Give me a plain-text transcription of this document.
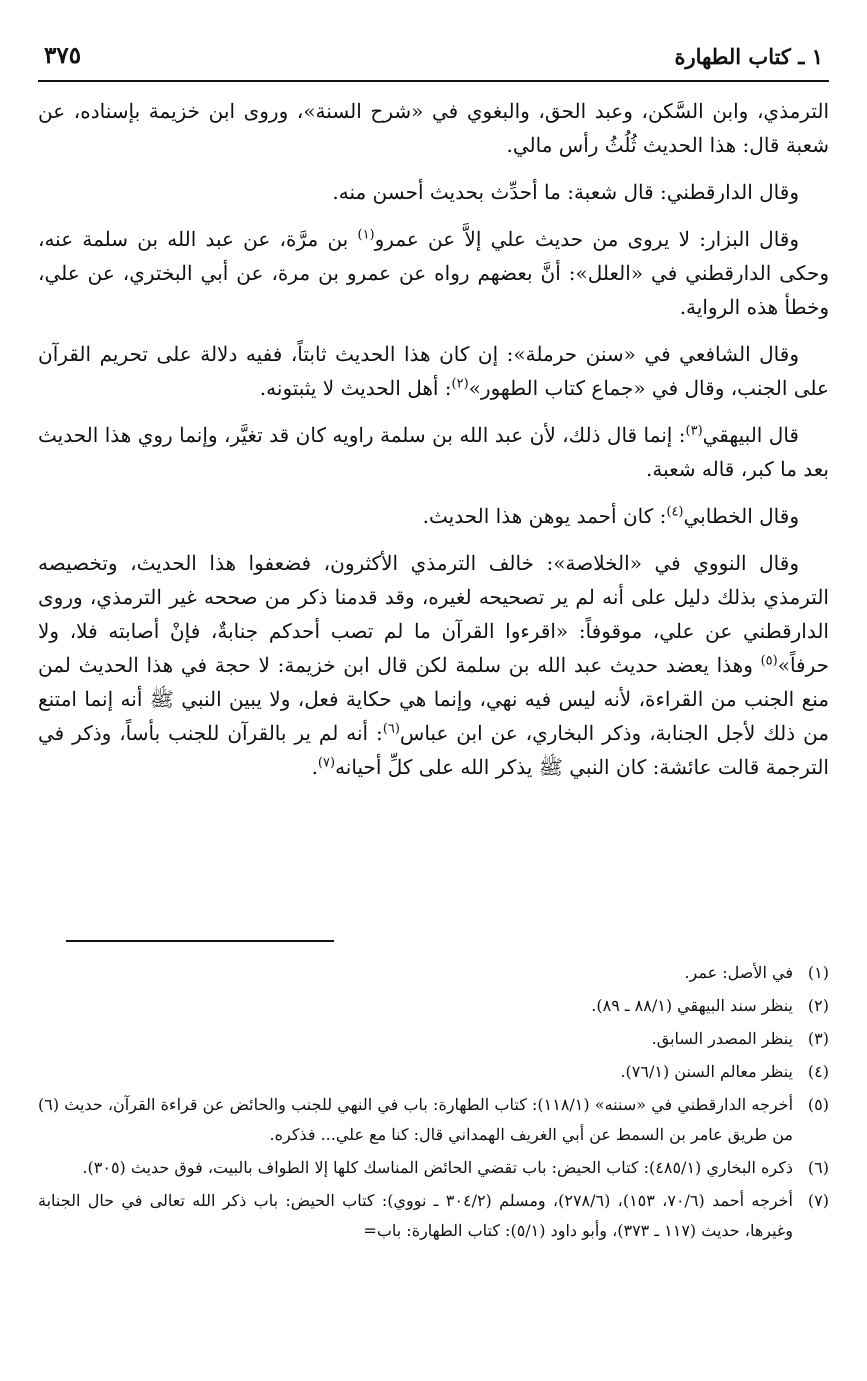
١ ـ كتاب الطهارة
٣٧٥

الترمذي، وابن السَّكن، وعبد الحق، والبغوي في «شرح السنة»، وروى ابن خزيمة بإسناده، عن شعبة قال: هذا الحديث ثُلُثُ رأس مالي.

وقال الدارقطني: قال شعبة: ما أحدِّث بحديث أحسن منه.

وقال البزار: لا يروى من حديث علي إلاَّ عن عمرو$^{(١)}$ بن مرَّة، عن عبد الله بن سلمة عنه، وحكى الدارقطني في «العلل»: أنَّ بعضهم رواه عن عمرو بن مرة، عن أبي البختري، عن علي، وخطأ هذه الرواية.

وقال الشافعي في «سنن حرملة»: إن كان هذا الحديث ثابتاً، ففيه دلالة على تحريم القرآن على الجنب، وقال في «جماع كتاب الطهور»$^{(٢)}$: أهل الحديث لا يثبتونه.

قال البيهقي$^{(٣)}$: إنما قال ذلك، لأن عبد الله بن سلمة راويه كان قد تغيَّر، وإنما روي هذا الحديث بعد ما كبر، قاله شعبة.

وقال الخطابي$^{(٤)}$: كان أحمد يوهن هذا الحديث.

وقال النووي في «الخلاصة»: خالف الترمذي الأكثرون، فضعفوا هذا الحديث، وتخصيصه الترمذي بذلك دليل على أنه لم ير تصحيحه لغيره، وقد قدمنا ذكر من صححه غير الترمذي، وروى الدارقطني عن علي، موقوفاً: «اقرءوا القرآن ما لم تصب أحدكم جنابةٌ، فإنْ أصابته فلا، ولا حرفاً»$^{(٥)}$ وهذا يعضد حديث عبد الله بن سلمة لكن قال ابن خزيمة: لا حجة في هذا الحديث لمن منع الجنب من القراءة، لأنه ليس فيه نهي، وإنما هي حكاية فعل، ولا يبين النبي ﷺ أنه إنما امتنع من ذلك لأجل الجنابة، وذكر البخاري، عن ابن عباس$^{(٦)}$: أنه لم ير بالقرآن للجنب بأساً، وذكر في الترجمة قالت عائشة: كان النبي ﷺ يذكر الله على كلِّ أحيانه$^{(٧)}$.

(١)
في الأصل: عمر.
(٢)
ينظر سند البيهقي (٨٨/١ ـ ٨٩).
(٣)
ينظر المصدر السابق.
(٤)
ينظر معالم السنن (٧٦/١).
(٥)
أخرجه الدارقطني في «سننه» (١١٨/١): كتاب الطهارة: باب في النهي للجنب والحائض عن قراءة القرآن، حديث (٦) من طريق عامر بن السمط عن أبي الغريف الهمداني قال: كنا مع علي... فذكره.
(٦)
ذكره البخاري (٤٨٥/١): كتاب الحيض: باب تقضي الحائض المناسك كلها إلا الطواف بالبيت، فوق حديث (٣٠٥).
(٧)
أخرجه أحمد (٧٠/٦، ١٥٣)، (٢٧٨/٦)، ومسلم (٣٠٤/٢ ـ نووي): كتاب الحيض: باب ذكر الله تعالى في حال الجنابة وغيرها، حديث (١١٧ ـ ٣٧٣)، وأبو داود (٥/١): كتاب الطهارة: باب=
